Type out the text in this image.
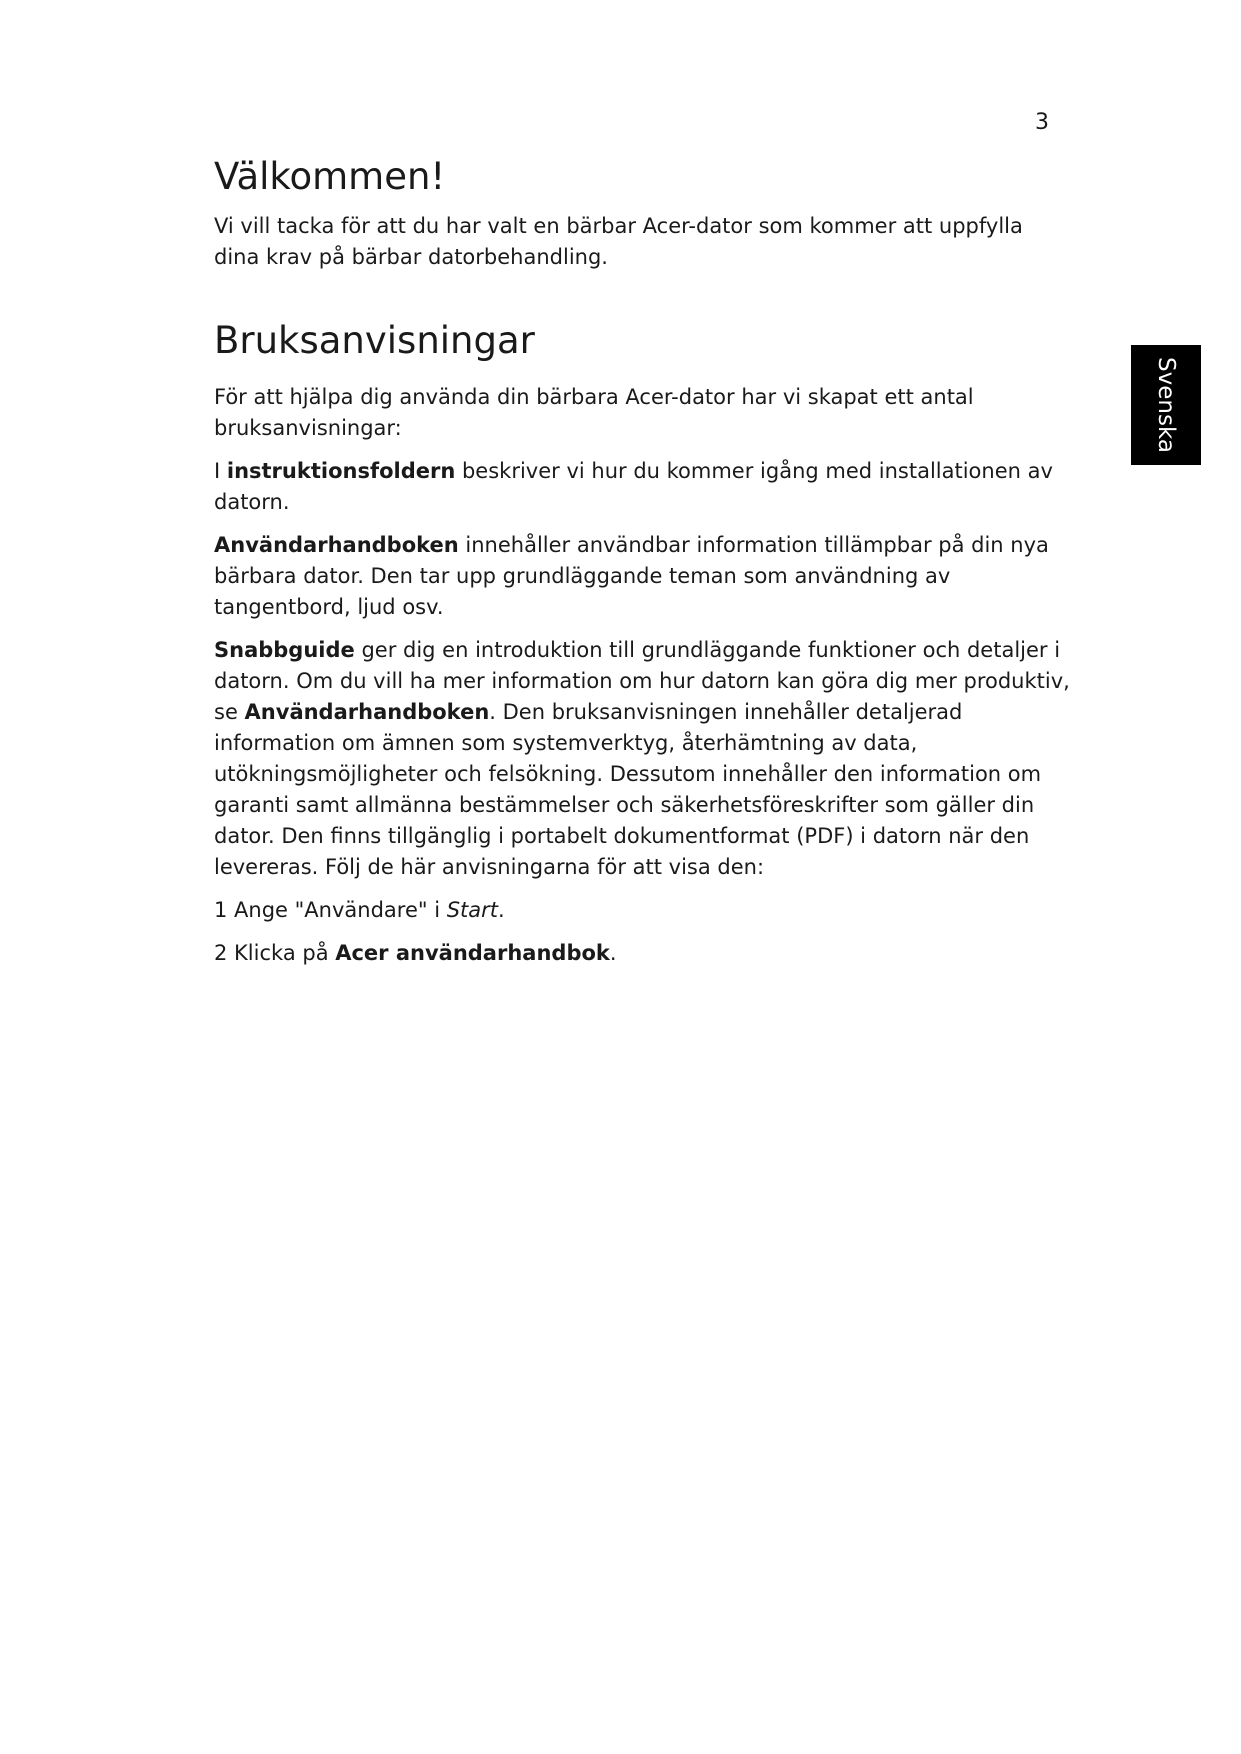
3
Svenska
Välkommen!

Vi vill tacka för att du har valt en bärbar Acer-dator som kommer att uppfylla dina krav på bärbar datorbehandling.

Bruksanvisningar

För att hjälpa dig använda din bärbara Acer-dator har vi skapat ett antal bruksanvisningar:

I instruktionsfoldern beskriver vi hur du kommer igång med installationen av datorn.

Användarhandboken innehåller användbar information tillämpbar på din nya bärbara dator. Den tar upp grundläggande teman som användning av tangentbord, ljud osv.

Snabbguide ger dig en introduktion till grundläggande funktioner och detaljer i datorn. Om du vill ha mer information om hur datorn kan göra dig mer produktiv, se Användarhandboken. Den bruksanvisningen innehåller detaljerad information om ämnen som systemverktyg, återhämtning av data, utökningsmöjligheter och felsökning. Dessutom innehåller den information om garanti samt allmänna bestämmelser och säkerhetsföreskrifter som gäller din dator. Den finns tillgänglig i portabelt dokumentformat (PDF) i datorn när den levereras. Följ de här anvisningarna för att visa den:

1 Ange "Användare" i Start.

2 Klicka på Acer användarhandbok.
